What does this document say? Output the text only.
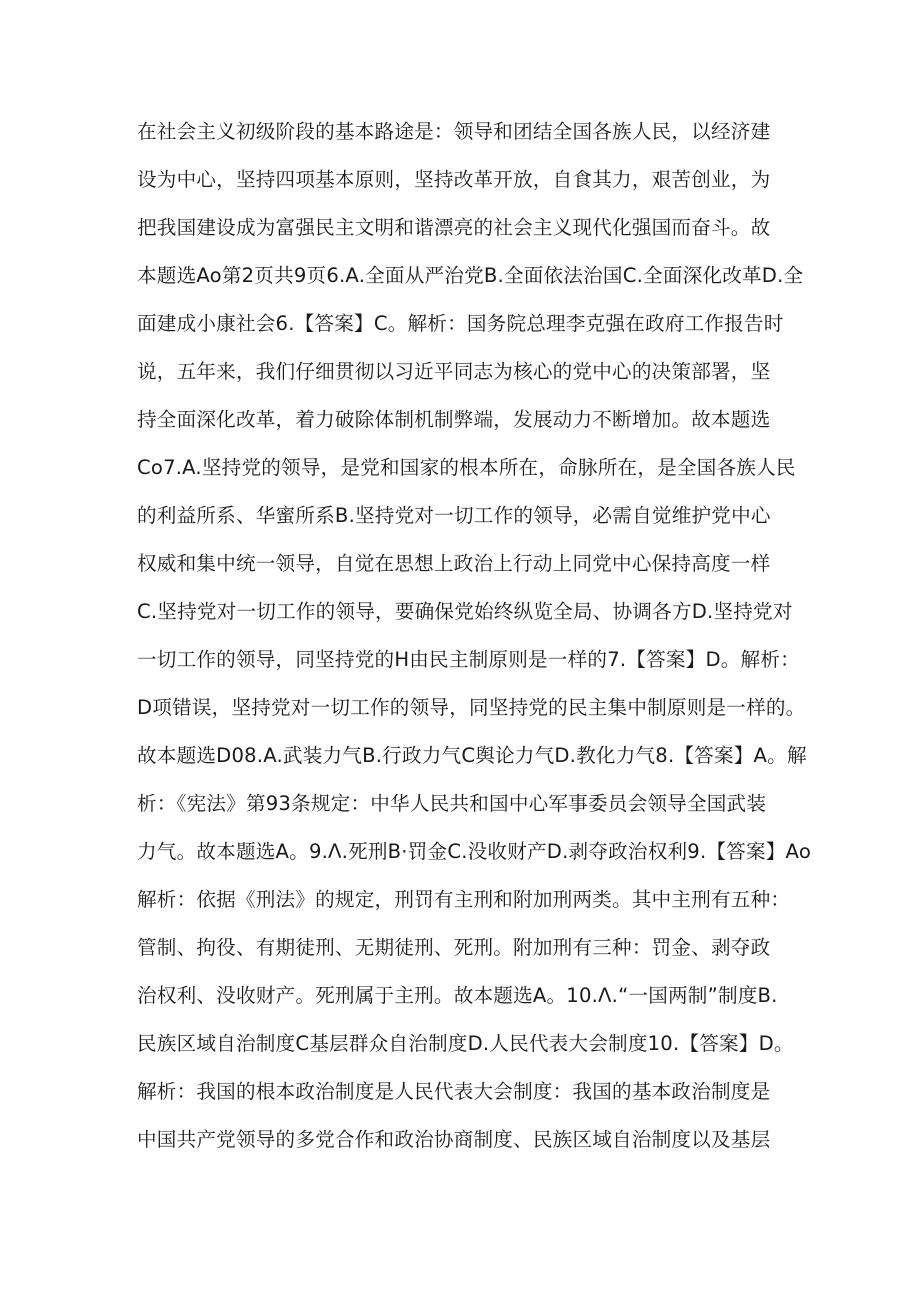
在社会主义初级阶段的基本路途是：领导和团结全国各族人民，以经济建
设为中心，坚持四项基本原则，坚持改革开放，自食其力，艰苦创业，为
把我国建设成为富强民主文明和谐漂亮的社会主义现代化强国而奋斗。故
本题选Ao第2页共9页6.A.全面从严治党B.全面依法治国C.全面深化改革D.全
面建成小康社会6.【答案】C。解析：国务院总理李克强在政府工作报告时
说，五年来，我们仔细贯彻以习近平同志为核心的党中心的决策部署，坚
持全面深化改革，着力破除体制机制弊端，发展动力不断增加。故本题选
Co7.A.坚持党的领导，是党和国家的根本所在，命脉所在，是全国各族人民
的利益所系、华蜜所系B.坚持党对一切工作的领导，必需自觉维护党中心
权威和集中统一领导，自觉在思想上政治上行动上同党中心保持高度一样
C.坚持党对一切工作的领导，要确保党始终纵览全局、协调各方D.坚持党对
一切工作的领导，同坚持党的H由民主制原则是一样的7.【答案】D。解析：
D项错误，坚持党对一切工作的领导，同坚持党的民主集中制原则是一样的。
故本题选D08.A.武装力气B.行政力气C舆论力气D.教化力气8.【答案】A。解
析：《宪法》第93条规定：中华人民共和国中心军事委员会领导全国武装
力气。故本题选A。9.Λ.死刑B·罚金C.没收财产D.剥夺政治权利9.【答案】Ao
解析：依据《刑法》的规定，刑罚有主刑和附加刑两类。其中主刑有五种：
管制、拘役、有期徒刑、无期徒刑、死刑。附加刑有三种：罚金、剥夺政
治权利、没收财产。死刑属于主刑。故本题选A。10.Λ.“一国两制”制度B.
民族区域自治制度C基层群众自治制度D.人民代表大会制度10.【答案】D。
解析：我国的根本政治制度是人民代表大会制度：我国的基本政治制度是
中国共产党领导的多党合作和政治协商制度、民族区域自治制度以及基层
